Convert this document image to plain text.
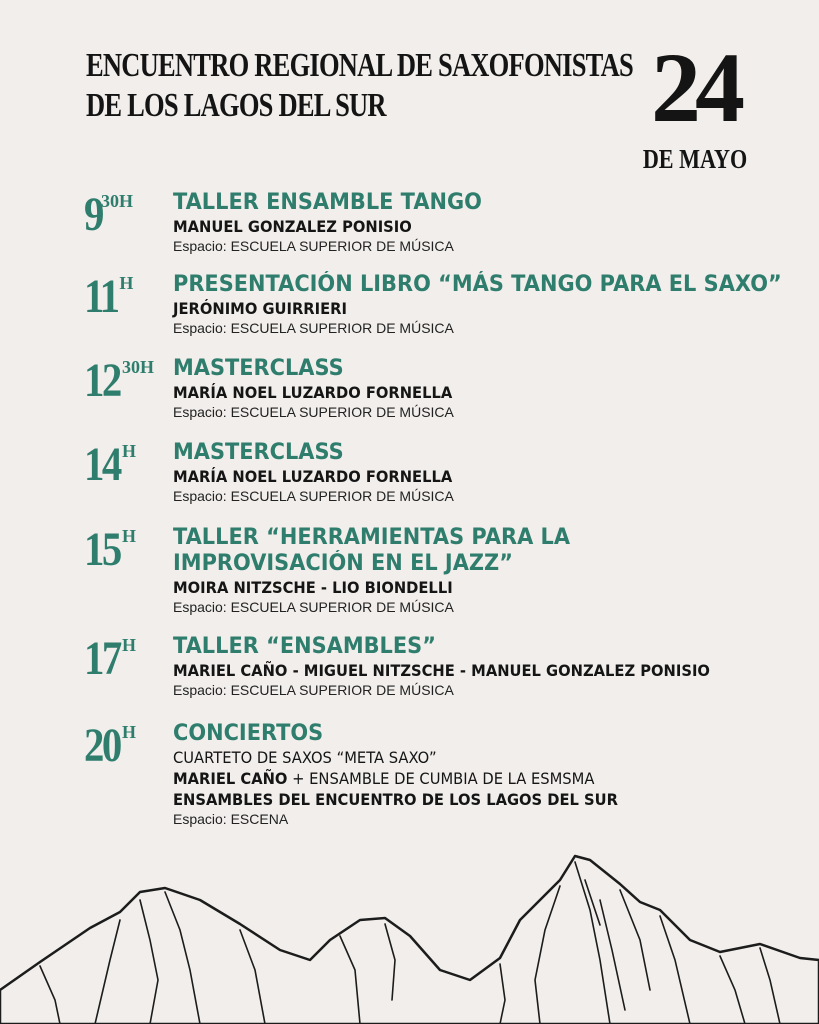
ENCUENTRO REGIONAL DE SAXOFONISTAS
DE LOS LAGOS DEL SUR	24
DE MAYO
930H TALLER ENSAMBLE TANGO
MANUEL GONZALEZ PONISIO
Espacio: ESCUELA SUPERIOR DE MÚSICA
11 H PRESENTACIÓN LIBRO “MÁS TANGO PARA EL SAXO”
JERÓNIMO GUIRRIERI
Espacio: ESCUELA SUPERIOR DE MÚSICA
12 30H MASTERCLASS
MARÍA NOEL LUZARDO FORNELLA
Espacio: ESCUELA SUPERIOR DE MÚSICA
14 H MASTERCLASS
MARÍA NOEL LUZARDO FORNELLA
Espacio: ESCUELA SUPERIOR DE MÚSICA
15 H TALLER “HERRAMIENTAS PARA LA
IMPROVISACIÓN EN EL JAZZ”
MOIRA NITZSCHE - LIO BIONDELLI
Espacio: ESCUELA SUPERIOR DE MÚSICA
17 H TALLER “ENSAMBLES”
MARIEL CAÑO - MIGUEL NITZSCHE - MANUEL GONZALEZ PONISIO
Espacio: ESCUELA SUPERIOR DE MÚSICA
20 H CONCIERTOS
CUARTETO DE SAXOS “META SAXO”
MARIEL CAÑO + ENSAMBLE DE CUMBIA DE LA ESMSMA
ENSAMBLES DEL ENCUENTRO DE LOS LAGOS DEL SUR
Espacio: ESCENA
